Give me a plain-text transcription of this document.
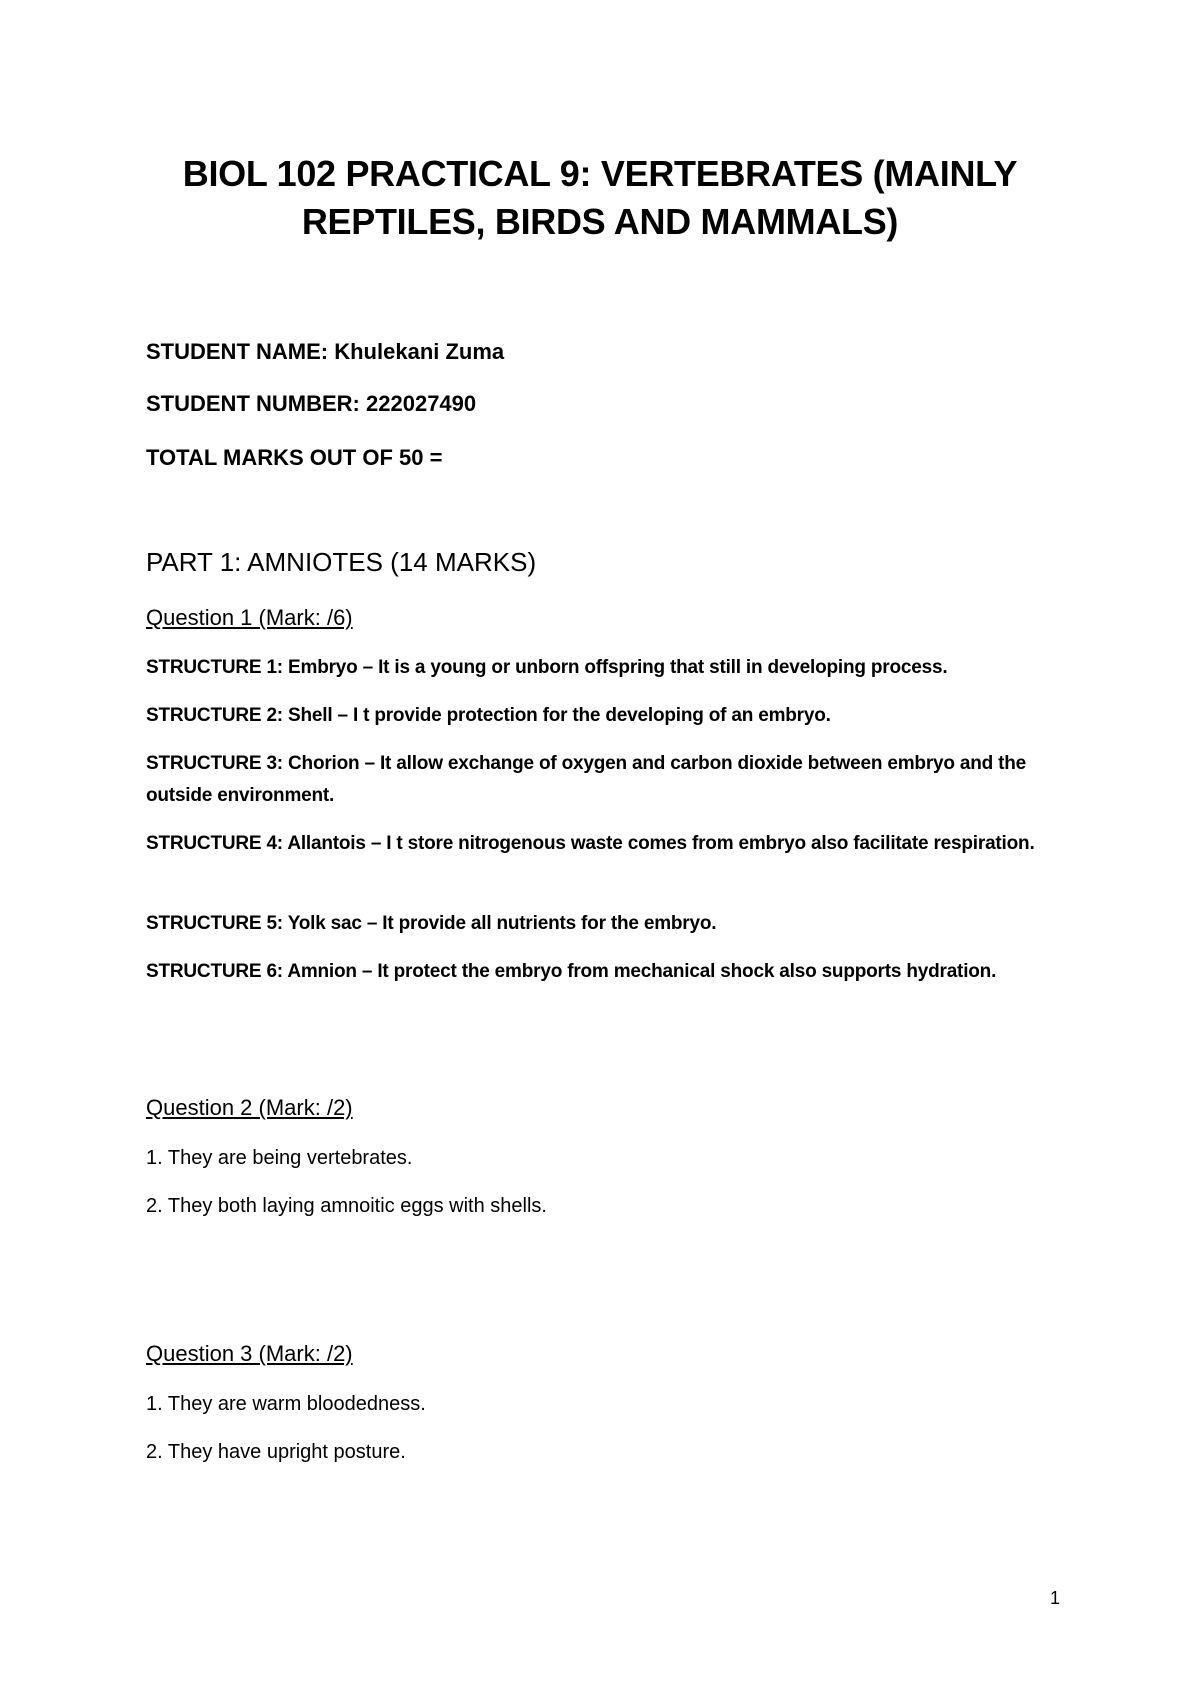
BIOL 102 PRACTICAL 9: VERTEBRATES (MAINLY
REPTILES, BIRDS AND MAMMALS)
STUDENT NAME: Khulekani Zuma
STUDENT NUMBER: 222027490
TOTAL MARKS OUT OF 50 =
PART 1: AMNIOTES (14 MARKS)
Question 1 (Mark: /6)
STRUCTURE 1: Embryo – It is a young or unborn offspring that still in developing process.
STRUCTURE 2: Shell – I t provide protection for the developing of an embryo.
STRUCTURE 3: Chorion – It allow exchange of oxygen and carbon dioxide between embryo and the outside environment.
STRUCTURE 4: Allantois – I t store nitrogenous waste comes from embryo also facilitate respiration.
STRUCTURE 5: Yolk sac – It provide all nutrients for the embryo.
STRUCTURE 6: Amnion – It protect the embryo from mechanical shock also supports hydration.
Question 2 (Mark: /2)
1. They are being vertebrates.
2. They both laying amnoitic eggs with shells.
Question 3 (Mark: /2)
1. They are warm bloodedness.
2. They have upright posture.
1
